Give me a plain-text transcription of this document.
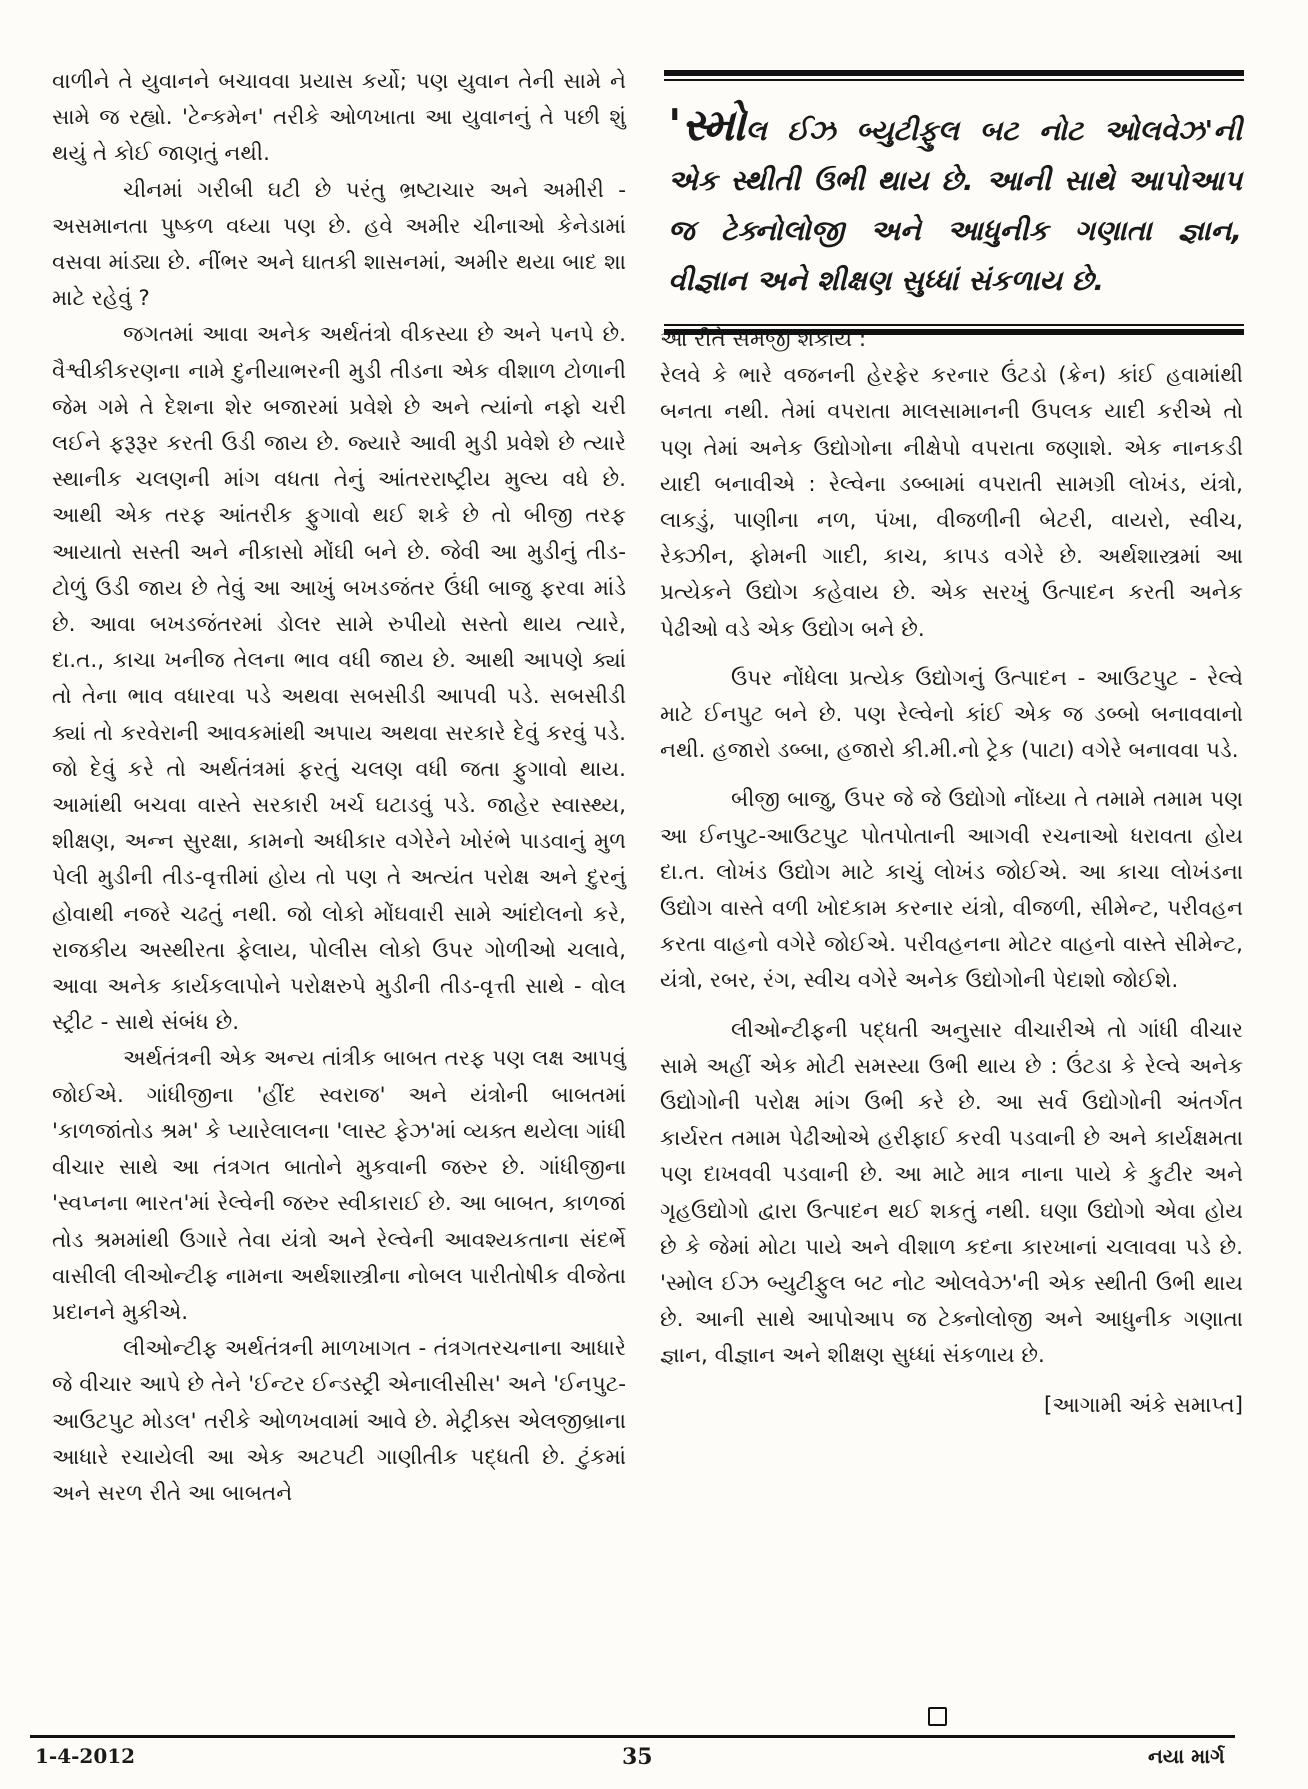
વાળીને તે યુવાનને બચાવવા પ્રયાસ કર્યો; પણ યુવાન તેની સામે ને સામે જ રહ્યો. 'ટેન્કમેન' તરીકે ઓળખાતા આ યુવાનનું તે પછી શું થયું તે કોઈ જાણતું નથી.

ચીનમાં ગરીબી ઘટી છે પરંતુ ભ્રષ્ટાચાર અને અમીરી - અસમાનતા પુષ્કળ વધ્યા પણ છે. હવે અમીર ચીનાઓ કેનેડામાં વસવા માંડ્યા છે. નીંભર અને ઘાતકી શાસનમાં, અમીર થયા બાદ શા માટે રહેવું ?

જગતમાં આવા અનેક અર્થતંત્રો વીકસ્યા છે અને પનપે છે. વૈશ્વીકીકરણના નામે દુનીયાભરની મુડી તીડના એક વીશાળ ટોળાની જેમ ગમે તે દેશના શેર બજારમાં પ્રવેશે છે અને ત્યાંનો નફો ચરી લઈને ફરૂરૂર કરતી ઉડી જાય છે. જ્યારે આવી મુડી પ્રવેશે છે ત્યારે સ્થાનીક ચલણની માંગ વધતા તેનું આંતરરાષ્ટ્રીય મુલ્ય વધે છે. આથી એક તરફ આંતરીક ફુગાવો થઈ શકે છે તો બીજી તરફ આયાતો સસ્તી અને નીકાસો મોંઘી બને છે. જેવી આ મુડીનું તીડ-ટોળું ઉડી જાય છે તેવું આ આખું બખડજંતર ઉંધી બાજુ ફરવા માંડે છે. આવા બખડજંતરમાં ડોલર સામે રુપીયો સસ્તો થાય ત્યારે, દા.ત., કાચા ખનીજ તેલના ભાવ વધી જાય છે. આથી આપણે ક્યાં તો તેના ભાવ વધારવા પડે અથવા સબસીડી આપવી પડે. સબસીડી ક્યાં તો કરવેરાની આવકમાંથી અપાય અથવા સરકારે દેવું કરવું પડે. જો દેવું કરે તો અર્થતંત્રમાં ફરતું ચલણ વધી જતા ફુગાવો થાય. આમાંથી બચવા વાસ્તે સરકારી ખર્ચ ઘટાડવું પડે. જાહેર સ્વાસ્થ્ય, શીક્ષણ, અન્ન સુરક્ષા, કામનો અધીકાર વગેરેને ખોરંભે પાડવાનું મુળ પેલી મુડીની તીડ-વૃત્તીમાં હોય તો પણ તે અત્યંત પરોક્ષ અને દુરનું હોવાથી નજરે ચઢતું નથી. જો લોકો મોંઘવારી સામે આંદોલનો કરે, રાજકીય અસ્થીરતા ફેલાય, પોલીસ લોકો ઉપર ગોળીઓ ચલાવે, આવા અનેક કાર્યકલાપોને પરોક્ષરુપે મુડીની તીડ-વૃત્તી સાથે - વોલ સ્ટ્રીટ - સાથે સંબંધ છે.

અર્થતંત્રની એક અન્ય તાંત્રીક બાબત તરફ પણ લક્ષ આપવું જોઈએ. ગાંધીજીના 'હીંદ સ્વરાજ' અને યંત્રોની બાબતમાં 'કાળજાંતોડ શ્રમ' કે પ્યારેલાલના 'લાસ્ટ ફેઝ'માં વ્યક્ત થયેલા ગાંધી વીચાર સાથે આ તંત્રગત બાતોને મુકવાની જરુર છે. ગાંધીજીના 'સ્વપ્નના ભારત'માં રેલ્વેની જરુર સ્વીકારાઈ છે. આ બાબત, કાળજાં તોડ શ્રમમાંથી ઉગારે તેવા યંત્રો અને રેલ્વેની આવશ્યકતાના સંદર્ભે વાસીલી લીઓન્ટીફ નામના અર્થશાસ્ત્રીના નોબલ પારીતોષીક વીજેતા પ્રદાનને મુકીએ.

લીઓન્ટીફ અર્થતંત્રની માળખાગત - તંત્રગતરચનાના આધારે જે વીચાર આપે છે તેને 'ઈન્ટર ઈન્ડસ્ટ્રી એનાલીસીસ' અને 'ઈનપુટ-આઉટપુટ મોડલ' તરીકે ઓળખવામાં આવે છે. મેટ્રીક્સ એલજીબ્રાના આધારે રચાયેલી આ એક અટપટી ગાણીતીક પદ્ધતી છે. ટુંકમાં અને સરળ રીતે આ બાબતને

'સ્મોલ ઈઝ બ્યુટીફુલ બટ નોટ ઓલવેઝ'ની એક સ્થીતી ઉભી થાય છે. આની સાથે આપોઆપ જ ટેક્નોલોજી અને આધુનીક ગણાતા જ્ઞાન, વીજ્ઞાન અને શીક્ષણ સુધ્ધાં સંકળાય છે.

આ રીતે સમજી શકાય :
રેલવે કે ભારે વજનની હેરફેર કરનાર ઉંટડો (ક્રેન) કાંઈ હવામાંથી બનતા નથી. તેમાં વપરાતા માલસામાનની ઉપલક યાદી કરીએ તો પણ તેમાં અનેક ઉદ્યોગોના નીક્ષેપો વપરાતા જણાશે. એક નાનકડી યાદી બનાવીએ : રેલ્વેના ડબ્બામાં વપરાતી સામગ્રી લોખંડ, યંત્રો, લાકડું, પાણીના નળ, પંખા, વીજળીની બેટરી, વાયરો, સ્વીચ, રેક્ઝીન, ફોમની ગાદી, કાચ, કાપડ વગેરે છે. અર્થશાસ્ત્રમાં આ પ્રત્યેકને ઉદ્યોગ કહેવાય છે. એક સરખું ઉત્પાદન કરતી અનેક પેઢીઓ વડે એક ઉદ્યોગ બને છે.

ઉપર નોંધેલા પ્રત્યેક ઉદ્યોગનું ઉત્પાદન - આઉટપુટ - રેલ્વે માટે ઈનપુટ બને છે. પણ રેલ્વેનો કાંઈ એક જ ડબ્બો બનાવવાનો નથી. હજારો ડબ્બા, હજારો કી.મી.નો ટ્રેક (પાટા) વગેરે બનાવવા પડે.

બીજી બાજુ, ઉપર જે જે ઉદ્યોગો નોંધ્યા તે તમામે તમામ પણ આ ઈનપુટ-આઉટપુટ પોતપોતાની આગવી રચનાઓ ધરાવતા હોય દા.ત. લોખંડ ઉદ્યોગ માટે કાચું લોખંડ જોઈએ. આ કાચા લોખંડના ઉદ્યોગ વાસ્તે વળી ખોદકામ કરનાર યંત્રો, વીજળી, સીમેન્ટ, પરીવહન કરતા વાહનો વગેરે જોઈએ. પરીવહનના મોટર વાહનો વાસ્તે સીમેન્ટ, યંત્રો, રબર, રંગ, સ્વીચ વગેરે અનેક ઉદ્યોગોની પેદાશો જોઈશે.

લીઓન્ટીફની પદ્ધતી અનુસાર વીચારીએ તો ગાંધી વીચાર સામે અહીં એક મોટી સમસ્યા ઉભી થાય છે : ઉંટડા કે રેલ્વે અનેક ઉદ્યોગોની પરોક્ષ માંગ ઉભી કરે છે. આ સર્વ ઉદ્યોગોની અંતર્ગત કાર્યરત તમામ પેઢીઓએ હરીફાઈ કરવી પડવાની છે અને કાર્યક્ષમતા પણ દાખવવી પડવાની છે. આ માટે માત્ર નાના પાયે કે કુટીર અને ગૃહઉદ્યોગો દ્વારા ઉત્પાદન થઈ શકતું નથી. ઘણા ઉદ્યોગો એવા હોય છે કે જેમાં મોટા પાયે અને વીશાળ કદના કારખાનાં ચલાવવા પડે છે. 'સ્મોલ ઈઝ બ્યુટીફુલ બટ નોટ ઓલવેઝ'ની એક સ્થીતી ઉભી થાય છે. આની સાથે આપોઆપ જ ટેક્નોલોજી અને આધુનીક ગણાતા જ્ઞાન, વીજ્ઞાન અને શીક્ષણ સુધ્ધાં સંકળાય છે.

[આગામી અંકે સમાપ્ત]
1-4-2012	35	નયા માર્ગ
